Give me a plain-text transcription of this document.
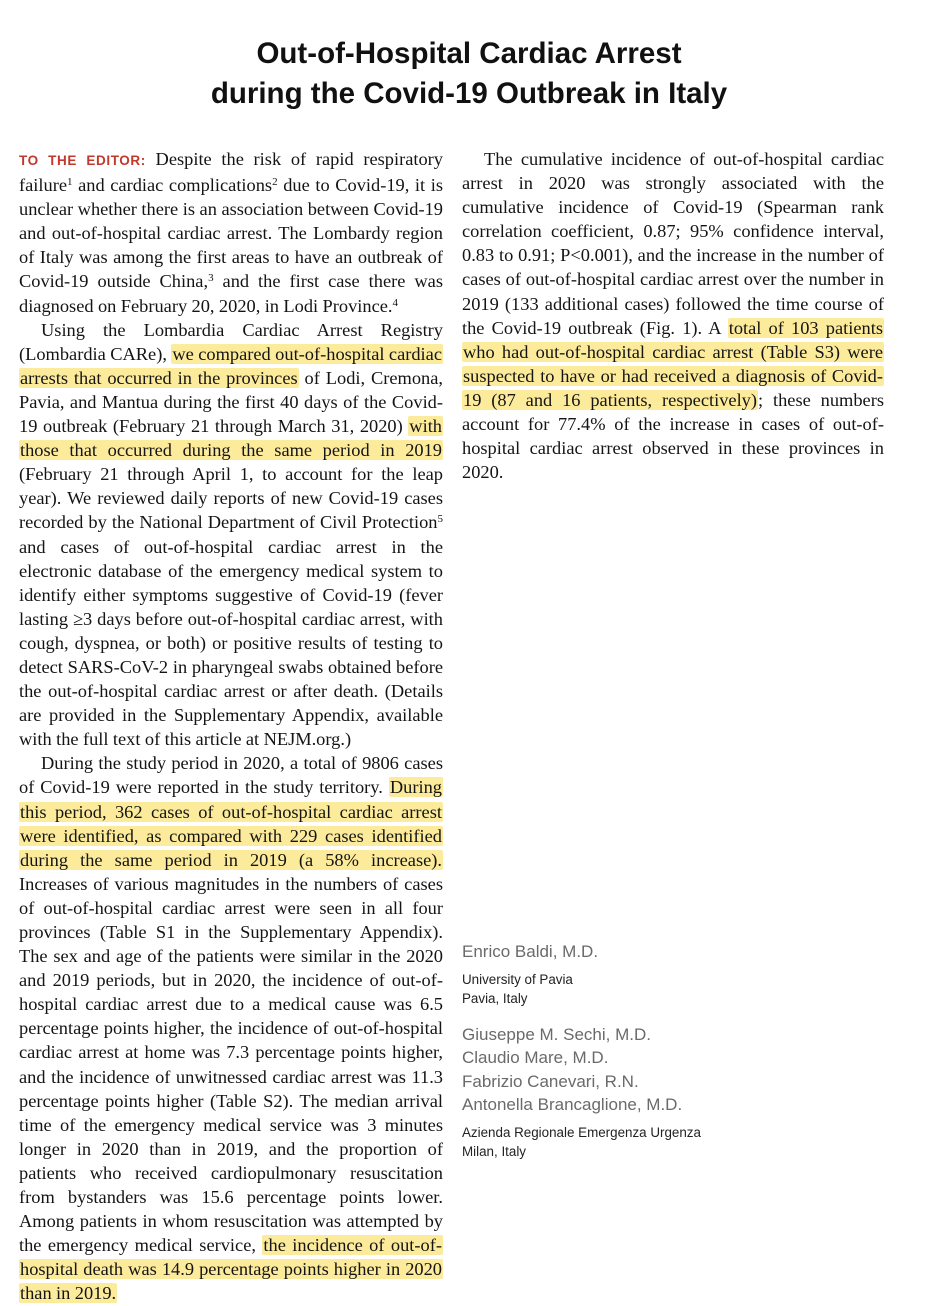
Out-of-Hospital Cardiac Arrest
during the Covid-19 Outbreak in Italy

TO THE EDITOR: Despite the risk of rapid respiratory failure$^1$ and cardiac complications$^2$ due to Covid-19, it is unclear whether there is an association between Covid-19 and out-of-hospital cardiac arrest. The Lombardy region of Italy was among the first areas to have an outbreak of Covid-19 outside China,$^3$ and the first case there was diagnosed on February 20, 2020, in Lodi Province.$^4$

Using the Lombardia Cardiac Arrest Registry (Lombardia CARe), we compared out-of-hospital cardiac arrests that occurred in the provinces of Lodi, Cremona, Pavia, and Mantua during the first 40 days of the Covid-19 outbreak (February 21 through March 31, 2020) with those that occurred during the same period in 2019 (February 21 through April 1, to account for the leap year). We reviewed daily reports of new Covid-19 cases recorded by the National Department of Civil Protection$^5$ and cases of out-of-hospital cardiac arrest in the electronic database of the emergency medical system to identify either symptoms suggestive of Covid-19 (fever lasting ≥3 days before out-of-hospital cardiac arrest, with cough, dyspnea, or both) or positive results of testing to detect SARS-CoV-2 in pharyngeal swabs obtained before the out-of-hospital cardiac arrest or after death. (Details are provided in the Supplementary Appendix, available with the full text of this article at NEJM.org.)

During the study period in 2020, a total of 9806 cases of Covid-19 were reported in the study territory. During this period, 362 cases of out-of-hospital cardiac arrest were identified, as compared with 229 cases identified during the same period in 2019 (a 58% increase). Increases of various magnitudes in the numbers of cases of out-of-hospital cardiac arrest were seen in all four provinces (Table S1 in the Supplementary Appendix). The sex and age of the patients were similar in the 2020 and 2019 periods, but in 2020, the incidence of out-of-hospital cardiac arrest due to a medical cause was 6.5 percentage points higher, the incidence of out-of-hospital cardiac arrest at home was 7.3 percentage points higher, and the incidence of unwitnessed cardiac arrest was 11.3 percentage points higher (Table S2). The median arrival time of the emergency medical service was 3 minutes longer in 2020 than in 2019, and the proportion of patients who received cardiopulmonary resuscitation from bystanders was 15.6 percentage points lower. Among patients in whom resuscitation was attempted by the emergency medical service, the incidence of out-of-hospital death was 14.9 percentage points higher in 2020 than in 2019.

The cumulative incidence of out-of-hospital cardiac arrest in 2020 was strongly associated with the cumulative incidence of Covid-19 (Spearman rank correlation coefficient, 0.87; 95% confidence interval, 0.83 to 0.91; P<0.001), and the increase in the number of cases of out-of-hospital cardiac arrest over the number in 2019 (133 additional cases) followed the time course of the Covid-19 outbreak (Fig. 1). A total of 103 patients who had out-of-hospital cardiac arrest (Table S3) were suspected to have or had received a diagnosis of Covid-19 (87 and 16 patients, respectively); these numbers account for 77.4% of the increase in cases of out-of-hospital cardiac arrest observed in these provinces in 2020.

Enrico Baldi, M.D.
University of Pavia
Pavia, Italy
Giuseppe M. Sechi, M.D.
Claudio Mare, M.D.
Fabrizio Canevari, R.N.
Antonella Brancaglione, M.D.
Azienda Regionale Emergenza Urgenza
Milan, Italy
